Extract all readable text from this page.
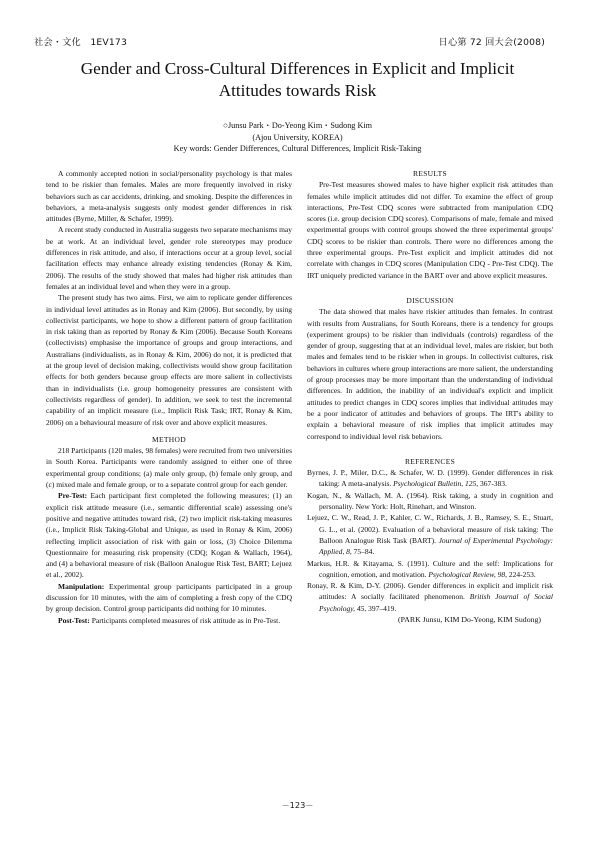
社会・文化　1EV173	日心第 72 回大会(2008)
Gender and Cross-Cultural Differences in Explicit and Implicit
Attitudes towards Risk
○Junsu Park・Do-Yeong Kim・Sudong Kim
(Ajou University, KOREA)
Key words: Gender Differences, Cultural Differences, Implicit Risk-Taking

A commonly accepted notion in social/personality psychology is that males tend to be riskier than females. Males are more frequently involved in risky behaviors such as car accidents, drinking, and smoking. Despite the differences in behaviors, a meta-analysis suggests only modest gender differences in risk attitudes (Byrne, Miller, & Schafer, 1999).

A recent study conducted in Australia suggests two separate mechanisms may be at work. At an individual level, gender role stereotypes may produce differences in risk attitude, and also, if interactions occur at a group level, social facilitation effects may enhance already existing tendencies (Ronay & Kim, 2006). The results of the study showed that males had higher risk attitudes than females at an individual level and when they were in a group.

The present study has two aims. First, we aim to replicate gender differences in individual level attitudes as in Ronay and Kim (2006). But secondly, by using collectivist participants, we hope to show a different pattern of group facilitation in risk taking than as reported by Ronay & Kim (2006). Because South Koreans (collectivists) emphasise the importance of groups and group interactions, and Australians (individualists, as in Ronay & Kim, 2006) do not, it is predicted that at the group level of decision making, collectivists would show group facilitation effects for both genders because group effects are more salient in collectivists than in individualists (i.e. group homogeneity pressures are consistent with collectivists regardless of gender). In addition, we seek to test the incremental capability of an implicit measure (i.e., Implicit Risk Task; IRT, Ronay & Kim, 2006) on a behavioural measure of risk over and above explicit measures.

METHOD

218 Participants (120 males, 98 females) were recruited from two universities in South Korea. Participants were randomly assigned to either one of three experimental group conditions; (a) male only group, (b) female only group, and (c) mixed male and female group, or to a separate control group for each gender.

Pre-Test: Each participant first completed the following measures; (1) an explicit risk attitude measure (i.e., semantic differential scale) assessing one's positive and negative attitudes toward risk, (2) two implicit risk-taking measures (i.e., Implicit Risk Taking-Global and Unique, as used in Ronay & Kim, 2006) reflecting implicit association of risk with gain or loss, (3) Choice Dilemma Questionnaire for measuring risk propensity (CDQ; Kogan & Wallach, 1964), and (4) a behavioral measure of risk (Balloon Analogue Risk Test, BART; Lejuez et al., 2002).

Manipulation: Experimental group participants participated in a group discussion for 10 minutes, with the aim of completing a fresh copy of the CDQ by group decision. Control group participants did nothing for 10 minutes.

Post-Test: Participants completed measures of risk attitude as in Pre-Test.

RESULTS

Pre-Test measures showed males to have higher explicit risk attitudes than females while implicit attitudes did not differ. To examine the effect of group interactions, Pre-Test CDQ scores were subtracted from manipulation CDQ scores (i.e. group decision CDQ scores). Comparisons of male, female and mixed experimental groups with control groups showed the three experimental groups' CDQ scores to be riskier than controls. There were no differences among the three experimental groups. Pre-Test explicit and implicit attitudes did not correlate with changes in CDQ scores (Manipulation CDQ - Pre-Test CDQ). The IRT uniquely predicted variance in the BART over and above explicit measures.

DISCUSSION

The data showed that males have riskier attitudes than females. In contrast with results from Australians, for South Koreans, there is a tendency for groups (experiment groups) to be riskier than individuals (controls) regardless of the gender of group, suggesting that at an individual level, males are riskier, but both males and females tend to be riskier when in groups. In collectivist cultures, risk behaviors in cultures where group interactions are more salient, the understanding of group processes may be more important than the understanding of individual differences. In addition, the inability of an individual's explicit and implicit attitudes to predict changes in CDQ scores implies that individual attitudes may be a poor indicator of attitudes and behaviors of groups. The IRT's ability to explain a behavioral measure of risk implies that implicit attitudes may correspond to individual level risk behaviors.

REFERENCES

Byrnes, J. P., Miler, D.C., & Schafer, W. D. (1999). Gender differences in risk taking: A meta-analysis. Psychological Bulletin, 125, 367-383.

Kogan, N., & Wallach, M. A. (1964). Risk taking, a study in cognition and personality. New York: Holt, Rinehart, and Winston.

Lejuez, C. W., Read, J. P., Kahler, C. W., Richards, J. B., Ramsey, S. E., Stuart, G. L., et al. (2002). Evaluation of a behavioral measure of risk taking: The Balloon Analogue Risk Task (BART). Journal of Experimental Psychology: Applied, 8, 75–84.

Markus, H.R. & Kitayama, S. (1991). Culture and the self: Implications for cognition, emotion, and motivation. Psychological Review, 98, 224-253.

Ronay, R. & Kim, D-Y. (2006). Gender differences in explicit and implicit risk attitudes: A socially facilitated phenomenon. British Journal of Social Psychology, 45, 397–419.

(PARK Junsu, KIM Do-Yeong, KIM Sudong)

－123－
